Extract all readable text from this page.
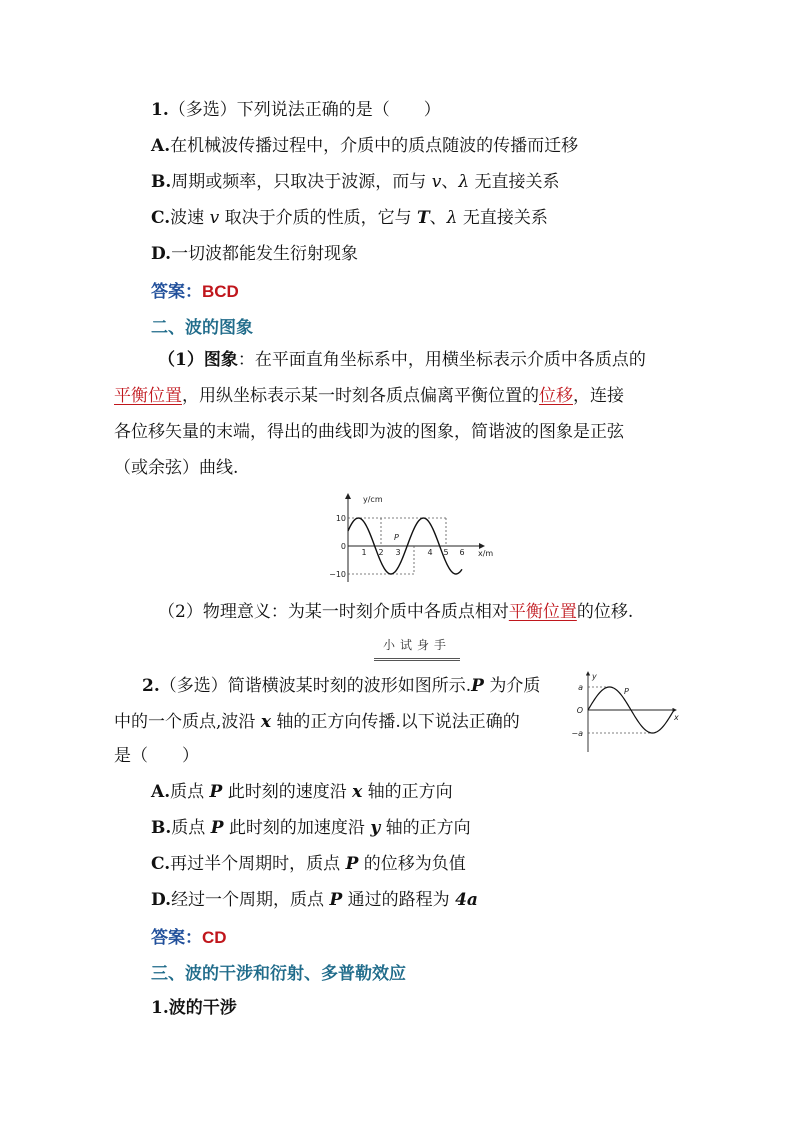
1.（多选）下列说法正确的是（　　）
A.在机械波传播过程中，介质中的质点随波的传播而迁移
B.周期或频率，只取决于波源，而与 v、λ 无直接关系
C.波速 v 取决于介质的性质，它与 T、λ 无直接关系
D.一切波都能发生衍射现象
答案：BCD
二、波的图象
（1）图象：在平面直角坐标系中，用横坐标表示介质中各质点的
平衡位置，用纵坐标表示某一时刻各质点偏离平衡位置的位移，连接
各位移矢量的末端，得出的曲线即为波的图象，简谐波的图象是正弦
（或余弦）曲线.
y/cm
x/m
10
0
−10
1 2 3	4 5 6
P
（2）物理意义：为某一时刻介质中各质点相对平衡位置的位移.
小试身手
2.（多选）简谐横波某时刻的波形如图所示.P 为介质
中的一个质点,波沿 x 轴的正方向传播.以下说法正确的
是（　　）
y
x
a
O
−a
P
A.质点 P 此时刻的速度沿 x 轴的正方向
B.质点 P 此时刻的加速度沿 y 轴的正方向
C.再过半个周期时，质点 P 的位移为负值
D.经过一个周期，质点 P 通过的路程为 4a
答案：CD
三、波的干涉和衍射、多普勒效应
1.波的干涉
